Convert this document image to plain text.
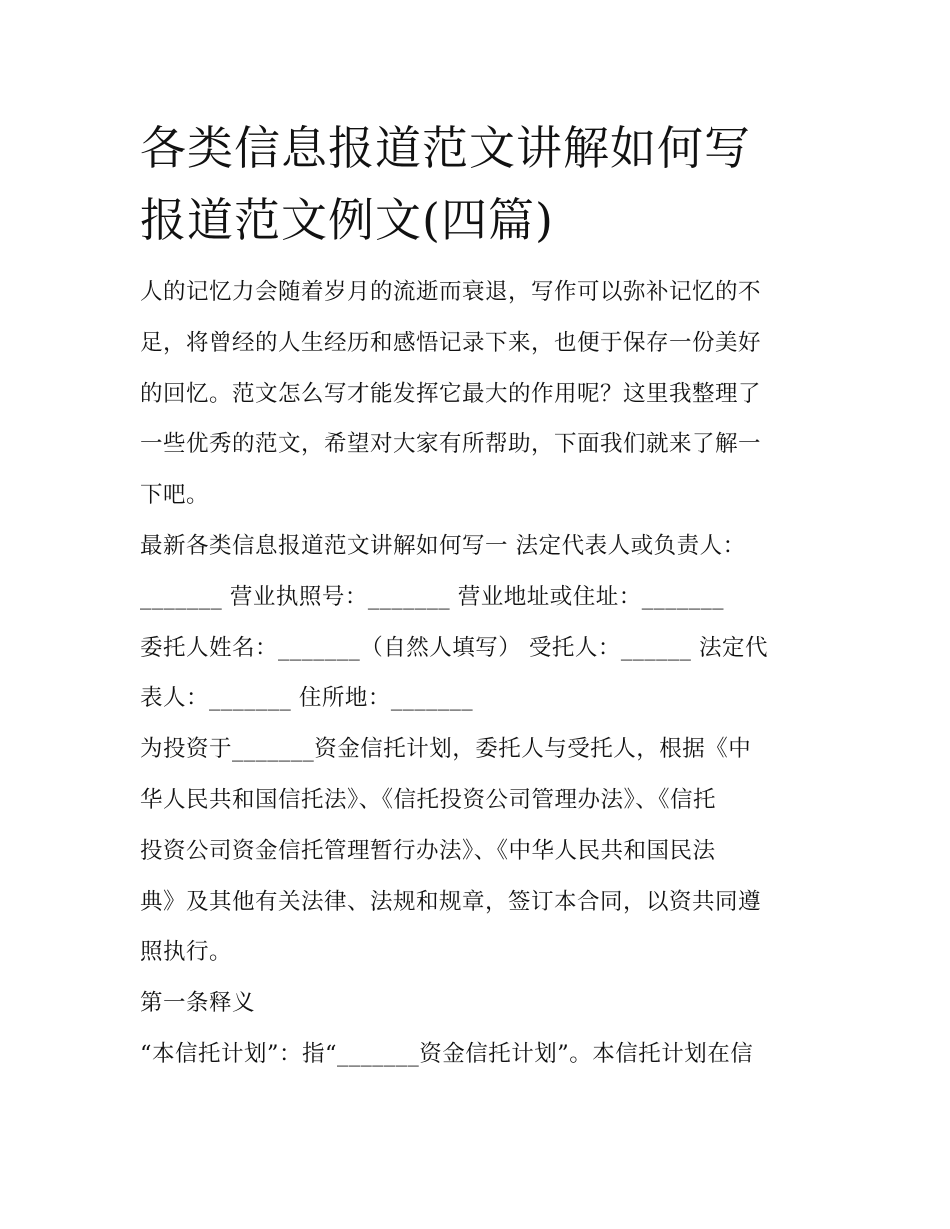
各类信息报道范文讲解如何写
报道范文例文(四篇)
人的记忆力会随着岁月的流逝而衰退，写作可以弥补记忆的不
足，将曾经的人生经历和感悟记录下来，也便于保存一份美好
的回忆。范文怎么写才能发挥它最大的作用呢？这里我整理了
一些优秀的范文，希望对大家有所帮助，下面我们就来了解一
下吧。
最新各类信息报道范文讲解如何写一 法定代表人或负责人：
_______ 营业执照号：_______ 营业地址或住址：_______
委托人姓名：_______（自然人填写） 受托人：______ 法定代
表人：_______ 住所地：_______
为投资于_______资金信托计划，委托人与受托人，根据《中
华人民共和国信托法》、《信托投资公司管理办法》、《信托
投资公司资金信托管理暂行办法》、《中华人民共和国民法
典》及其他有关法律、法规和规章，签订本合同，以资共同遵
照执行。
第一条释义
“本信托计划”：指“_______资金信托计划”。本信托计划在信
